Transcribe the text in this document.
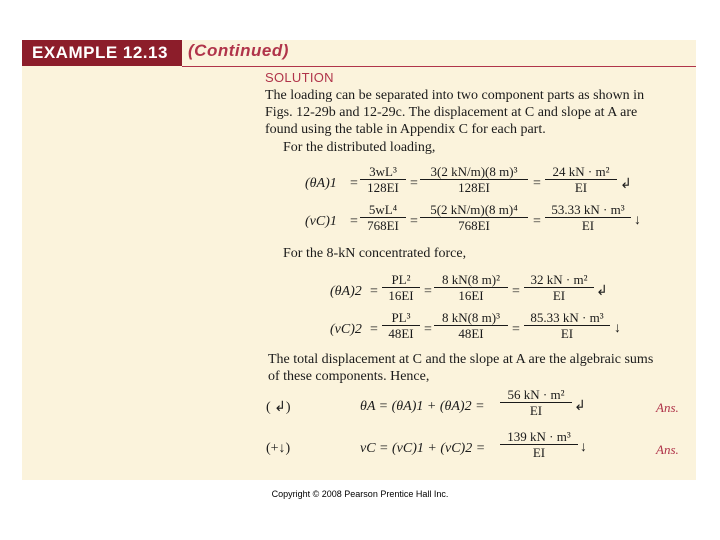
EXAMPLE 12.13 (Continued)
SOLUTION
The loading can be separated into two component parts as shown in
Figs. 12-29b and 12-29c. The displacement at C and slope at A are
found using the table in Appendix C for each part.
For the distributed loading,
$(\theta A)1 = \frac{\text{3wL³}}{128EI} = \frac{\text{3(2 kN/m)(8 m)³}}{128EI} = \frac{\text{24 kN · m²}}{EI}$ ↲
$(vC)1 = \frac{\text{5wL⁴}}{768EI} = \frac{\text{5(2 kN/m)(8 m)⁴}}{768EI} = \frac{\text{53.33 kN · m³}}{EI}$ ↓
For the 8-kN concentrated force,
$(\theta A)2 = \frac{\text{PL²}}{16EI} = \frac{\text{8 kN(8 m)²}}{16EI} = \frac{\text{32 kN · m²}}{EI}$ ↲
$(vC)2 = \frac{\text{PL³}}{48EI} = \frac{\text{8 kN(8 m)³}}{48EI} = \frac{\text{85.33 kN · m³}}{EI}$ ↓
The total displacement at C and the slope at A are the algebraic sums
of these components. Hence,
( ↲)	$\theta A = (\theta A)1 + (\theta A)2 = \frac{\text{56 kN · m²}}{EI}$ ↲	Ans.
(+↓)	vC = $(vC)1 + (vC)2 = \frac{\text{139 kN · m³}}{EI}$ ↓	Ans.
Copyright © 2008 Pearson Prentice Hall Inc.
